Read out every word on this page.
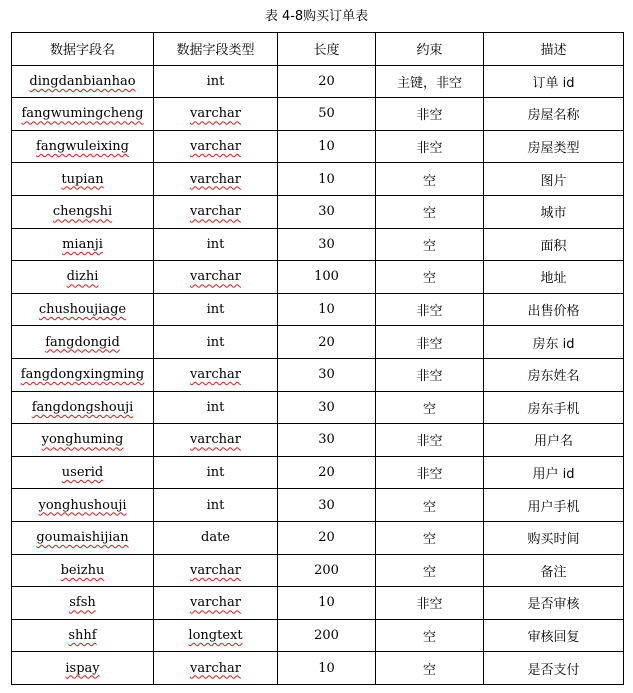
表 4-8购买订单表
数据字段名	数据字段类型	长度	约束	描述
dingdanbianhao	int	20	主键，非空	订单 id
fangwumingcheng	varchar	50	非空	房屋名称
fangwuleixing	varchar	10	非空	房屋类型
tupian	varchar	10	空	图片
chengshi	varchar	30	空	城市
mianji	int	30	空	面积
dizhi	varchar	100	空	地址
chushoujiage	int	10	非空	出售价格
fangdongid	int	20	非空	房东 id
fangdongxingming	varchar	30	非空	房东姓名
fangdongshouji	int	30	空	房东手机
yonghuming	varchar	30	非空	用户名
userid	int	20	非空	用户 id
yonghushouji	int	30	空	用户手机
goumaishijian	date	20	空	购买时间
beizhu	varchar	200	空	备注
sfsh	varchar	10	非空	是否审核
shhf	longtext	200	空	审核回复
ispay	varchar	10	空	是否支付
